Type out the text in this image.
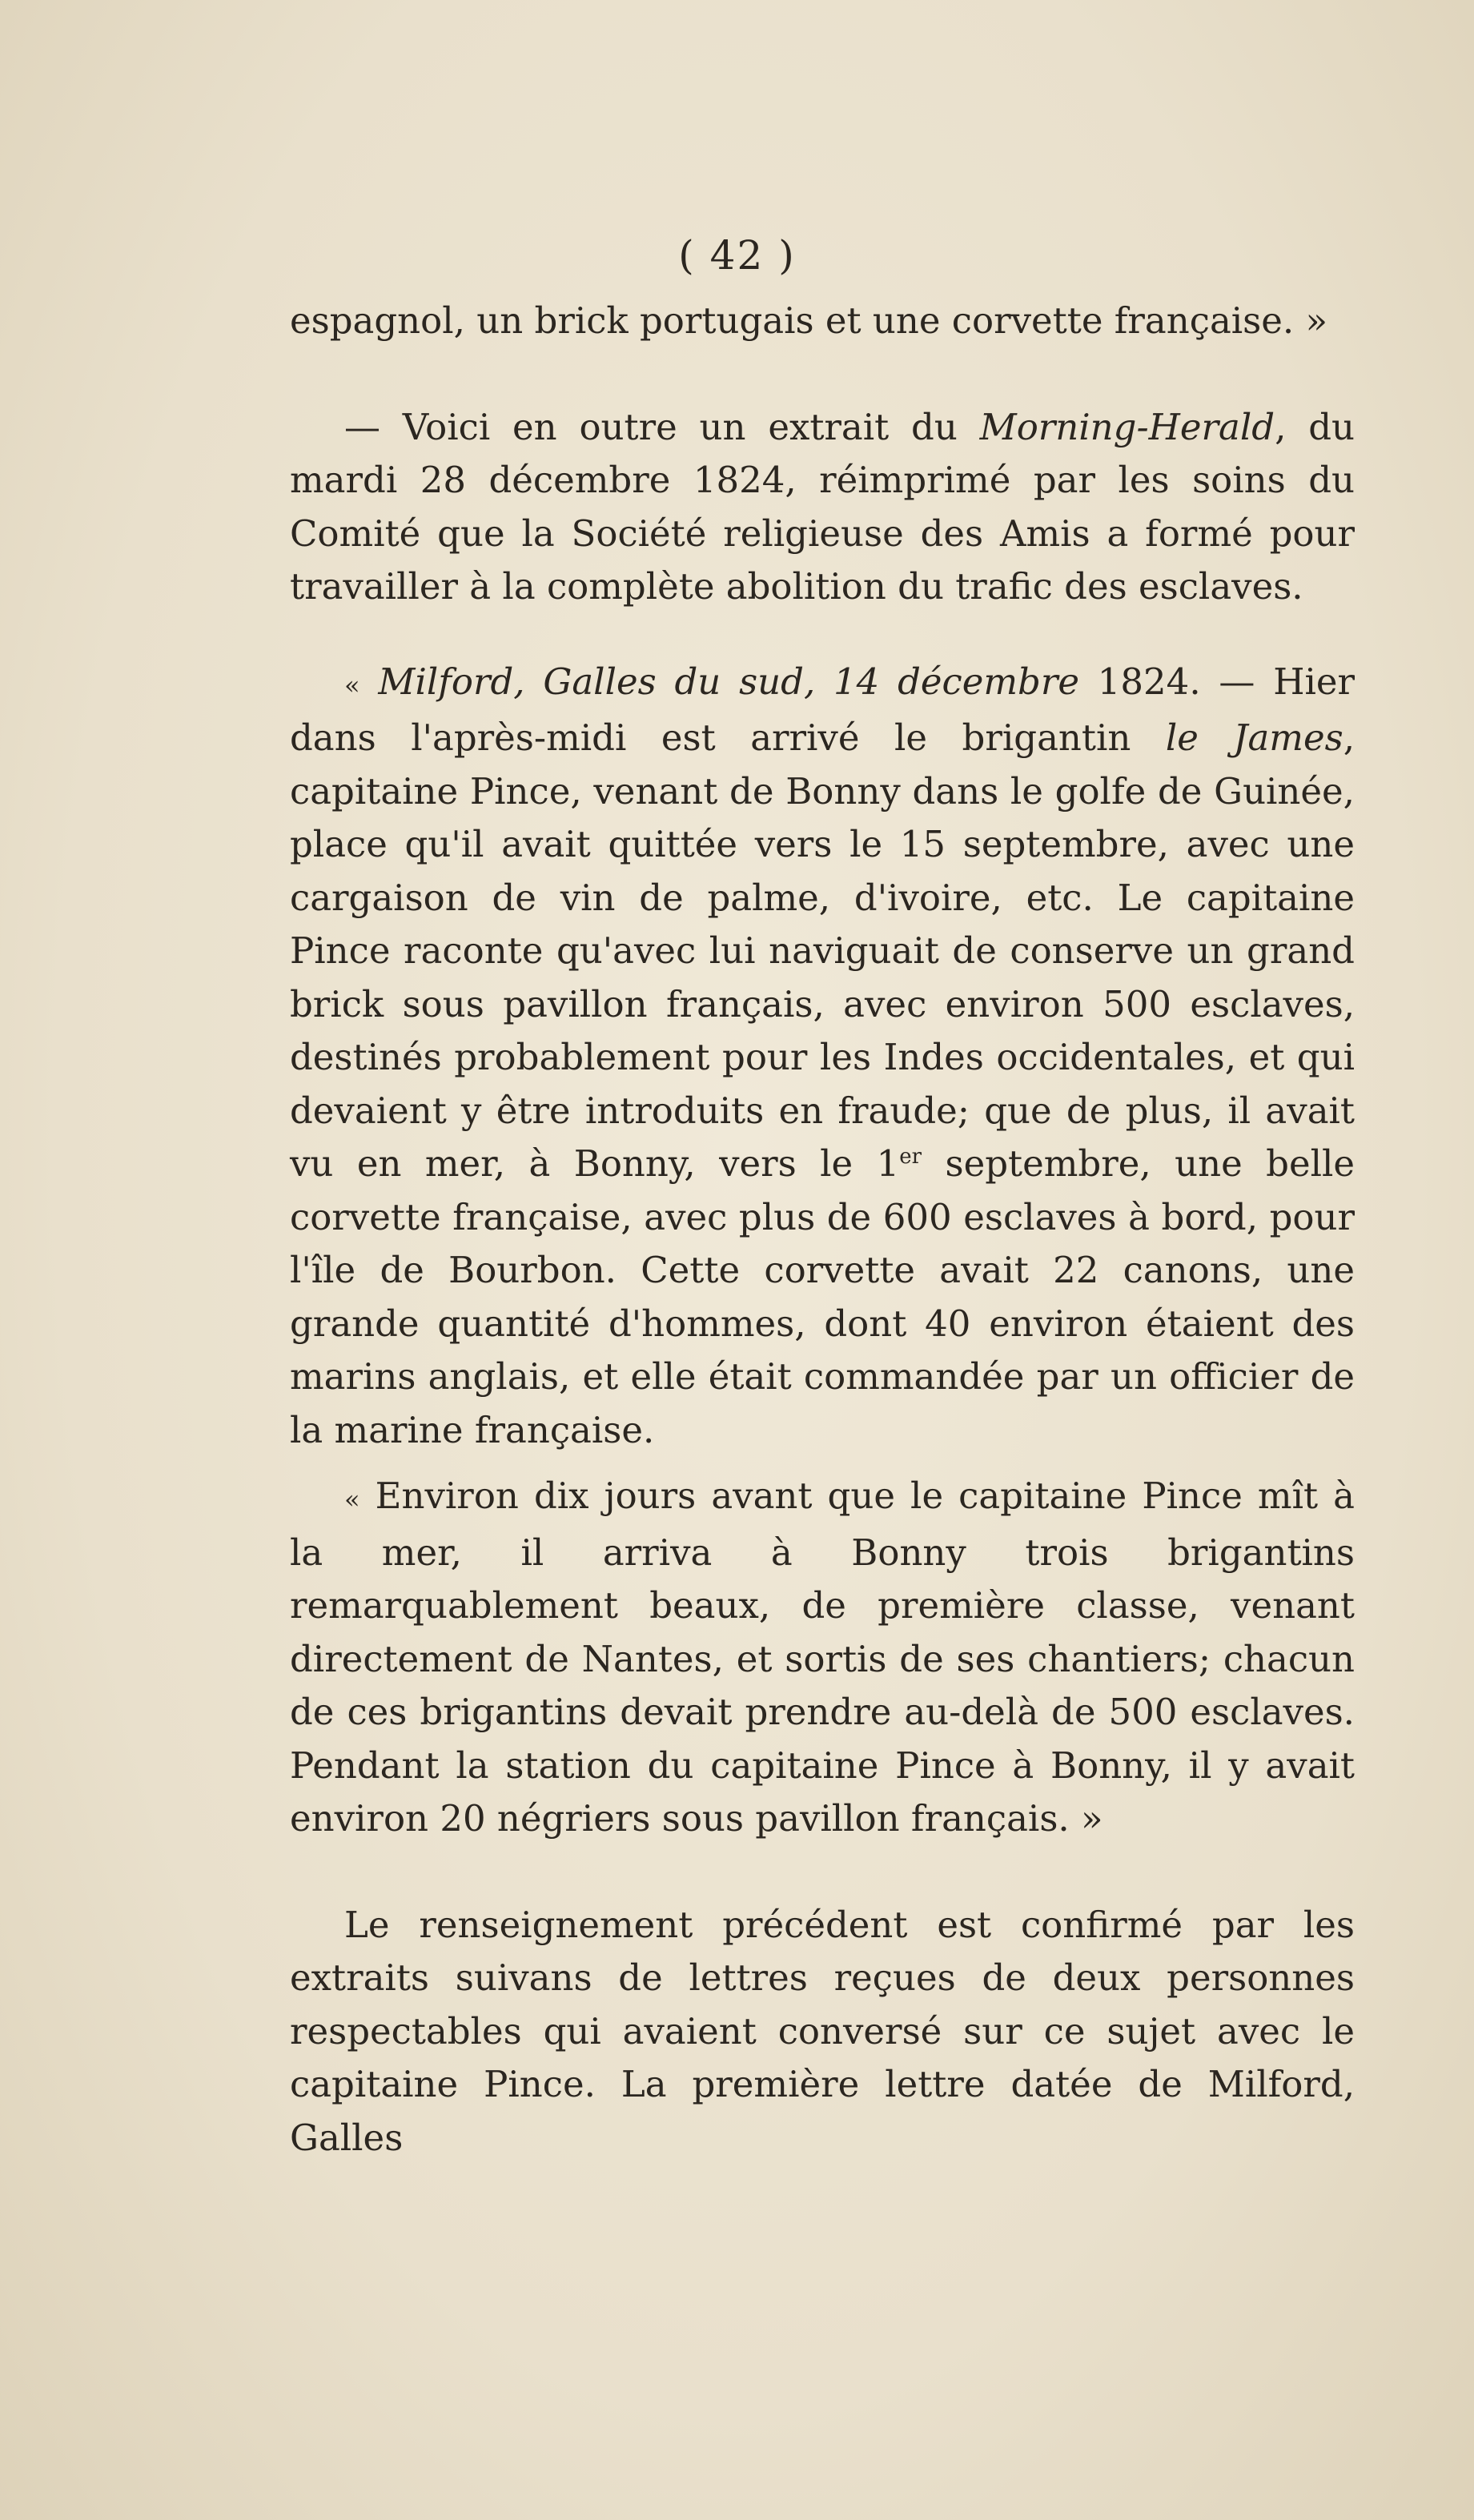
( 42 )

espagnol, un brick portugais et une corvette française. »

— Voici en outre un extrait du Morning-Herald, du mardi 28 décembre 1824, réimprimé par les soins du Comité que la Société religieuse des Amis a formé pour travailler à la complète abolition du trafic des esclaves.

« Milford, Galles du sud, 14 décembre 1824. — Hier dans l'après-midi est arrivé le brigantin le James, capitaine Pince, venant de Bonny dans le golfe de Guinée, place qu'il avait quittée vers le 15 septembre, avec une cargaison de vin de palme, d'ivoire, etc. Le capitaine Pince raconte qu'avec lui naviguait de conserve un grand brick sous pavillon français, avec environ 500 esclaves, destinés probablement pour les Indes occidentales, et qui devaient y être introduits en fraude; que de plus, il avait vu en mer, à Bonny, vers le 1er septembre, une belle corvette française, avec plus de 600 esclaves à bord, pour l'île de Bourbon. Cette corvette avait 22 canons, une grande quantité d'hommes, dont 40 environ étaient des marins anglais, et elle était commandée par un officier de la marine française.

« Environ dix jours avant que le capitaine Pince mît à la mer, il arriva à Bonny trois brigantins remarquablement beaux, de première classe, venant directement de Nantes, et sortis de ses chantiers; chacun de ces brigantins devait prendre au-delà de 500 esclaves. Pendant la station du capitaine Pince à Bonny, il y avait environ 20 négriers sous pavillon français. »

Le renseignement précédent est confirmé par les extraits suivans de lettres reçues de deux personnes respectables qui avaient conversé sur ce sujet avec le capitaine Pince. La première lettre datée de Milford, Galles
